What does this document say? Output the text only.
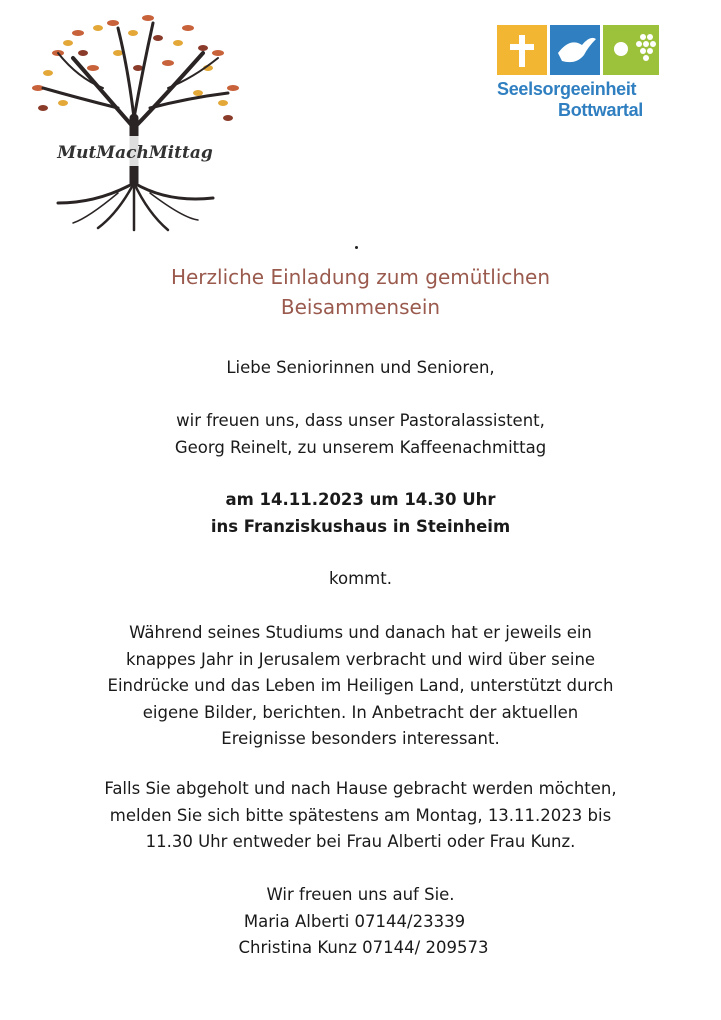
MutMachMittag
Seelsorgeeinheit
Bottwartal
Herzliche Einladung zum gemütlichen
Beisammensein
Liebe Seniorinnen und Senioren,
wir freuen uns, dass unser Pastoralassistent,
Georg Reinelt, zu unserem Kaffeenachmittag
am 14.11.2023 um 14.30 Uhr
ins Franziskushaus in Steinheim
kommt.
Während seines Studiums und danach hat er jeweils ein
knappes Jahr in Jerusalem verbracht und wird über seine
Eindrücke und das Leben im Heiligen Land, unterstützt durch
eigene Bilder, berichten. In Anbetracht der aktuellen
Ereignisse besonders interessant.
Falls Sie abgeholt und nach Hause gebracht werden möchten,
melden Sie sich bitte spätestens am Montag, 13.11.2023 bis
11.30 Uhr entweder bei Frau Alberti oder Frau Kunz.
Wir freuen uns auf Sie.
Maria Alberti 07144/23339
Christina Kunz 07144/ 209573
